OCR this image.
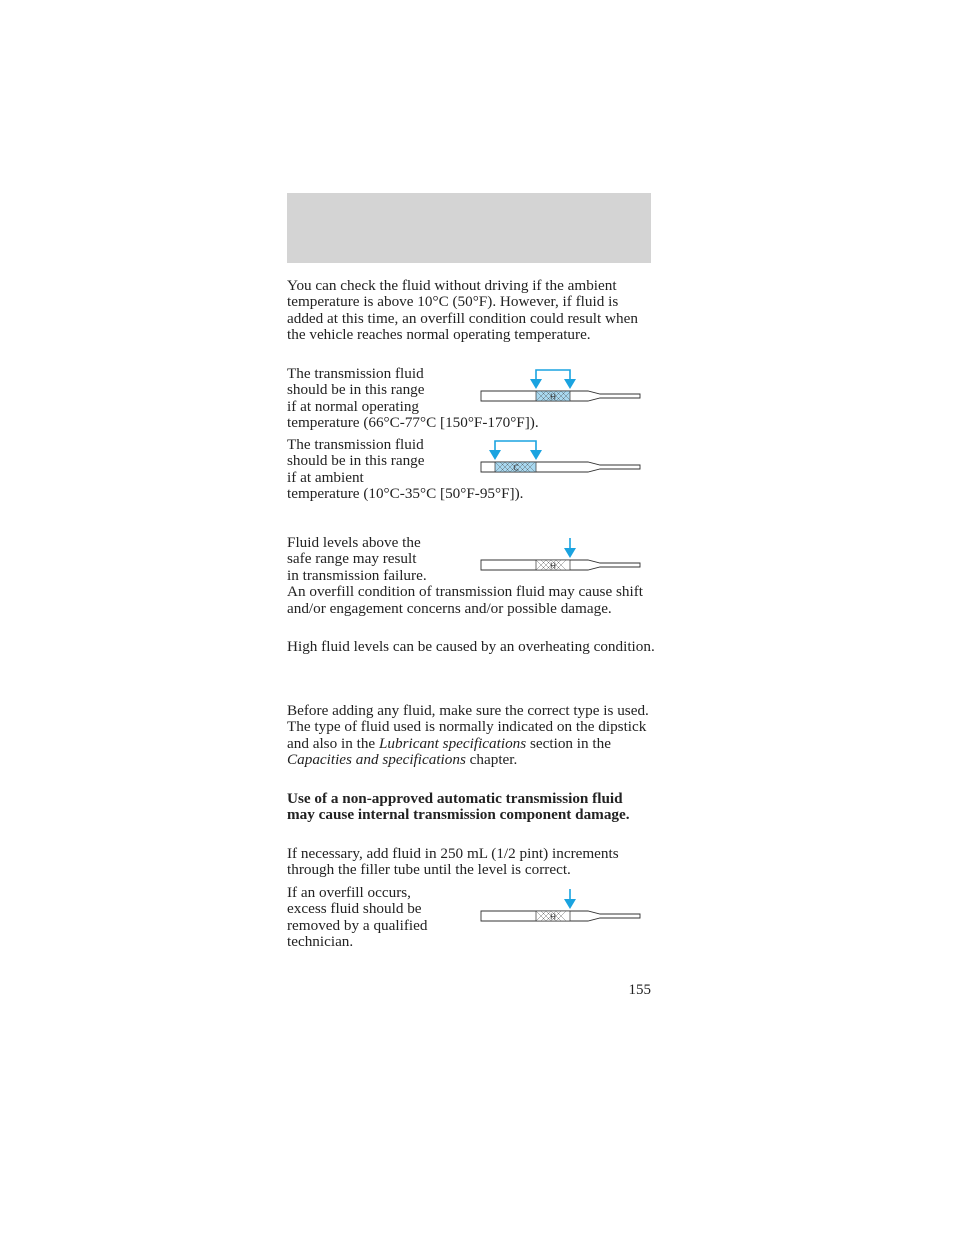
You can check the fluid without driving if the ambient temperature is above 10°C (50°F). However, if fluid is added at this time, an overfill condition could result when the vehicle reaches normal operating temperature.

The transmission fluid
should be in this range
if at normal operating
temperature (66°C-77°C [150°F-170°F]).

H

The transmission fluid
should be in this range
if at ambient
temperature (10°C-35°C [50°F-95°F]).

C

Fluid levels above the
safe range may result
in transmission failure.
An overfill condition of transmission fluid may cause shift and/or engagement concerns and/or possible damage.

H

High fluid levels can be caused by an overheating condition.

Before adding any fluid, make sure the correct type is used. The type of fluid used is normally indicated on the dipstick and also in the Lubricant specifications section in the Capacities and specifications chapter.

Use of a non-approved automatic transmission fluid may cause internal transmission component damage.

If necessary, add fluid in 250 mL (1/2 pint) increments through the filler tube until the level is correct.

If an overfill occurs,
excess fluid should be
removed by a qualified
technician.

H
155
